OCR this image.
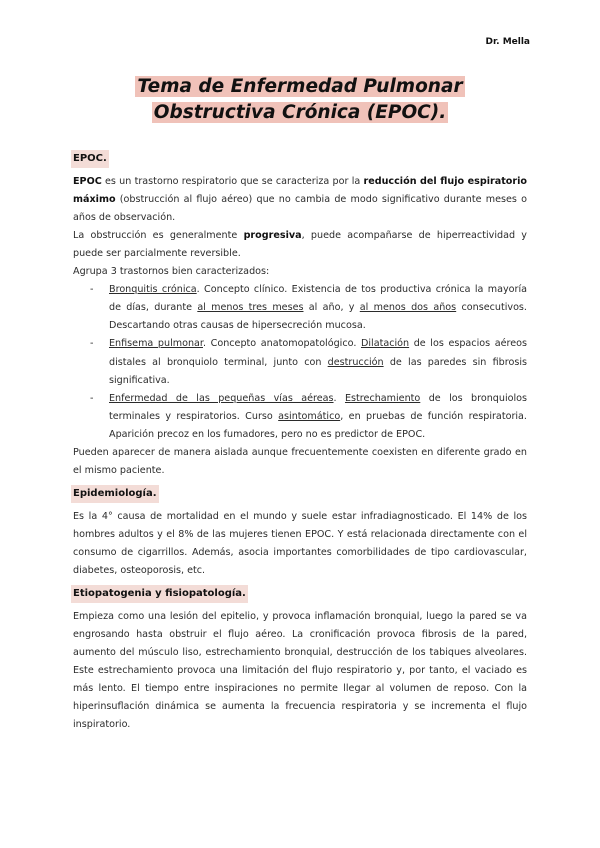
Dr. Mella
Tema de Enfermedad Pulmonar
Obstructiva Crónica (EPOC).
EPOC.

EPOC es un trastorno respiratorio que se caracteriza por la reducción del flujo espiratorio máximo (obstrucción al flujo aéreo) que no cambia de modo significativo durante meses o años de observación.

La obstrucción es generalmente progresiva, puede acompañarse de hiperreactividad y puede ser parcialmente reversible.

Agrupa 3 trastornos bien caracterizados:

- Bronquitis crónica. Concepto clínico. Existencia de tos productiva crónica la mayoría de días, durante al menos tres meses al año, y al menos dos años consecutivos. Descartando otras causas de hipersecreción mucosa.
- Enfisema pulmonar. Concepto anatomopatológico. Dilatación de los espacios aéreos distales al bronquiolo terminal, junto con destrucción de las paredes sin fibrosis significativa.
- Enfermedad de las pequeñas vías aéreas. Estrechamiento de los bronquiolos terminales y respiratorios. Curso asintomático, en pruebas de función respiratoria. Aparición precoz en los fumadores, pero no es predictor de EPOC.

Pueden aparecer de manera aislada aunque frecuentemente coexisten en diferente grado en el mismo paciente.

Epidemiología.

Es la 4° causa de mortalidad en el mundo y suele estar infradiagnosticado. El 14% de los hombres adultos y el 8% de las mujeres tienen EPOC. Y está relacionada directamente con el consumo de cigarrillos. Además, asocia importantes comorbilidades de tipo cardiovascular, diabetes, osteoporosis, etc.

Etiopatogenia y fisiopatología.

Empieza como una lesión del epitelio, y provoca inflamación bronquial, luego la pared se va engrosando hasta obstruir el flujo aéreo. La cronificación provoca fibrosis de la pared, aumento del músculo liso, estrechamiento bronquial, destrucción de los tabiques alveolares. Este estrechamiento provoca una limitación del flujo respiratorio y, por tanto, el vaciado es más lento. El tiempo entre inspiraciones no permite llegar al volumen de reposo. Con la hiperinsuflación dinámica se aumenta la frecuencia respiratoria y se incrementa el flujo inspiratorio.
